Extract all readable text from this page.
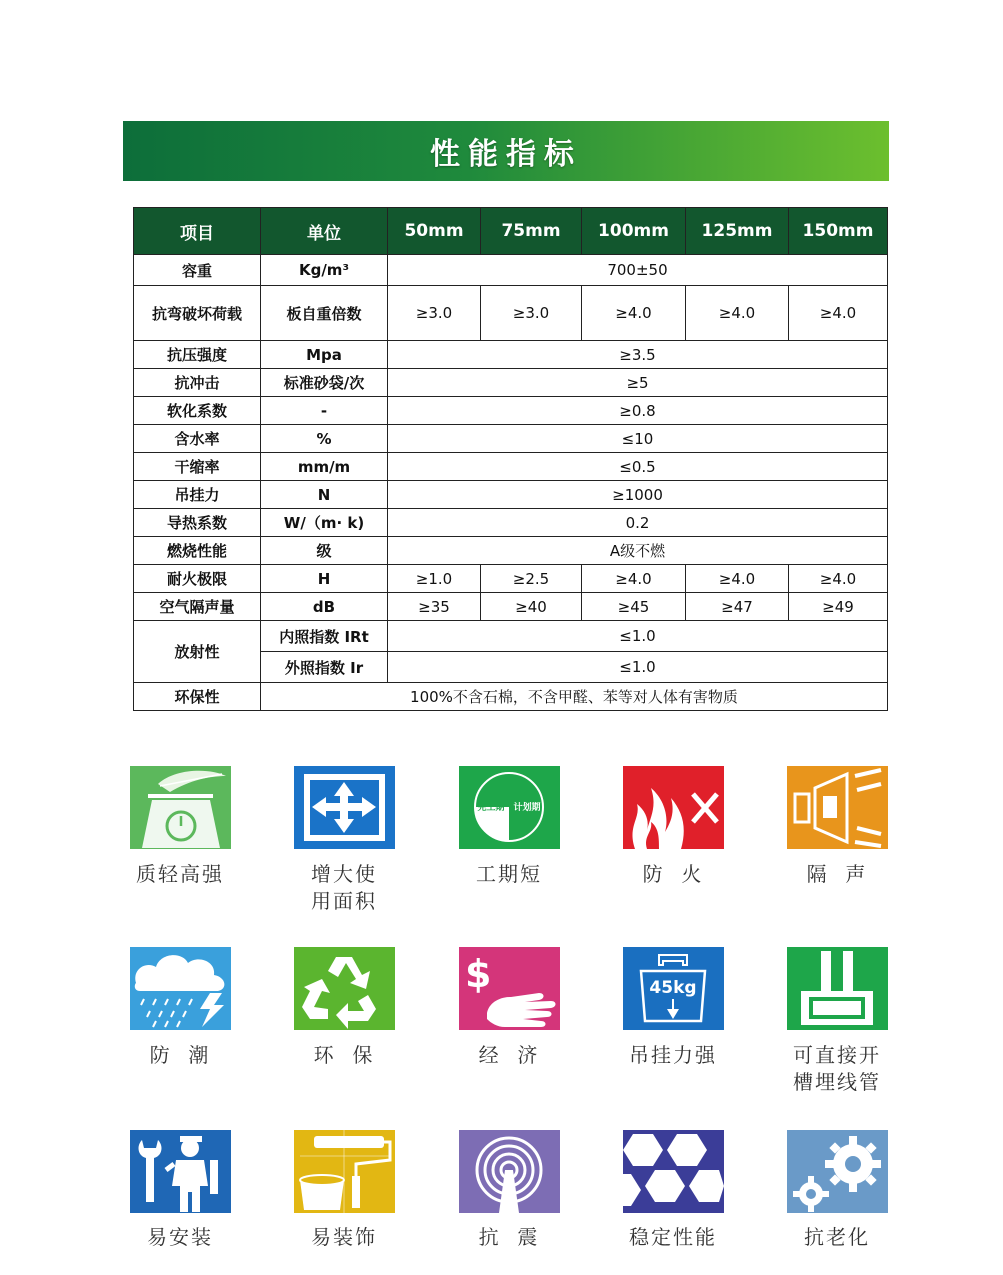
性能指标
项目	单位	50mm	75mm	100mm	125mm	150mm
容重	Kg/m³	700±50				
抗弯破坏荷载	板自重倍数	≥3.0	≥3.0	≥4.0	≥4.0	≥4.0
抗压强度	Mpa	≥3.5				
抗冲击	标准砂袋/次	≥5				
软化系数	-	≥0.8				
含水率	%	≤10				
干缩率	mm/m	≤0.5				
吊挂力	N	≥1000				
导热系数	W/（m· k)	0.2				
燃烧性能	级	A级不燃				
耐火极限	H	≥1.0	≥2.5	≥4.0	≥4.0	≥4.0
空气隔声量	dB	≥35	≥40	≥45	≥47	≥49
放射性	内照指数 IRt	≤1.0				
	外照指数 Ir	≤1.0				
环保性	100%不含石棉，不含甲醛、苯等对人体有害物质					
完工期 计划期
质轻高强	增大使
用面积
工期短	防  火	隔  声
$	45kg
防  潮	环  保	经  济	吊挂力强	可直接开
槽埋线管
易安装	易装饰	抗  震	稳定性能	抗老化
